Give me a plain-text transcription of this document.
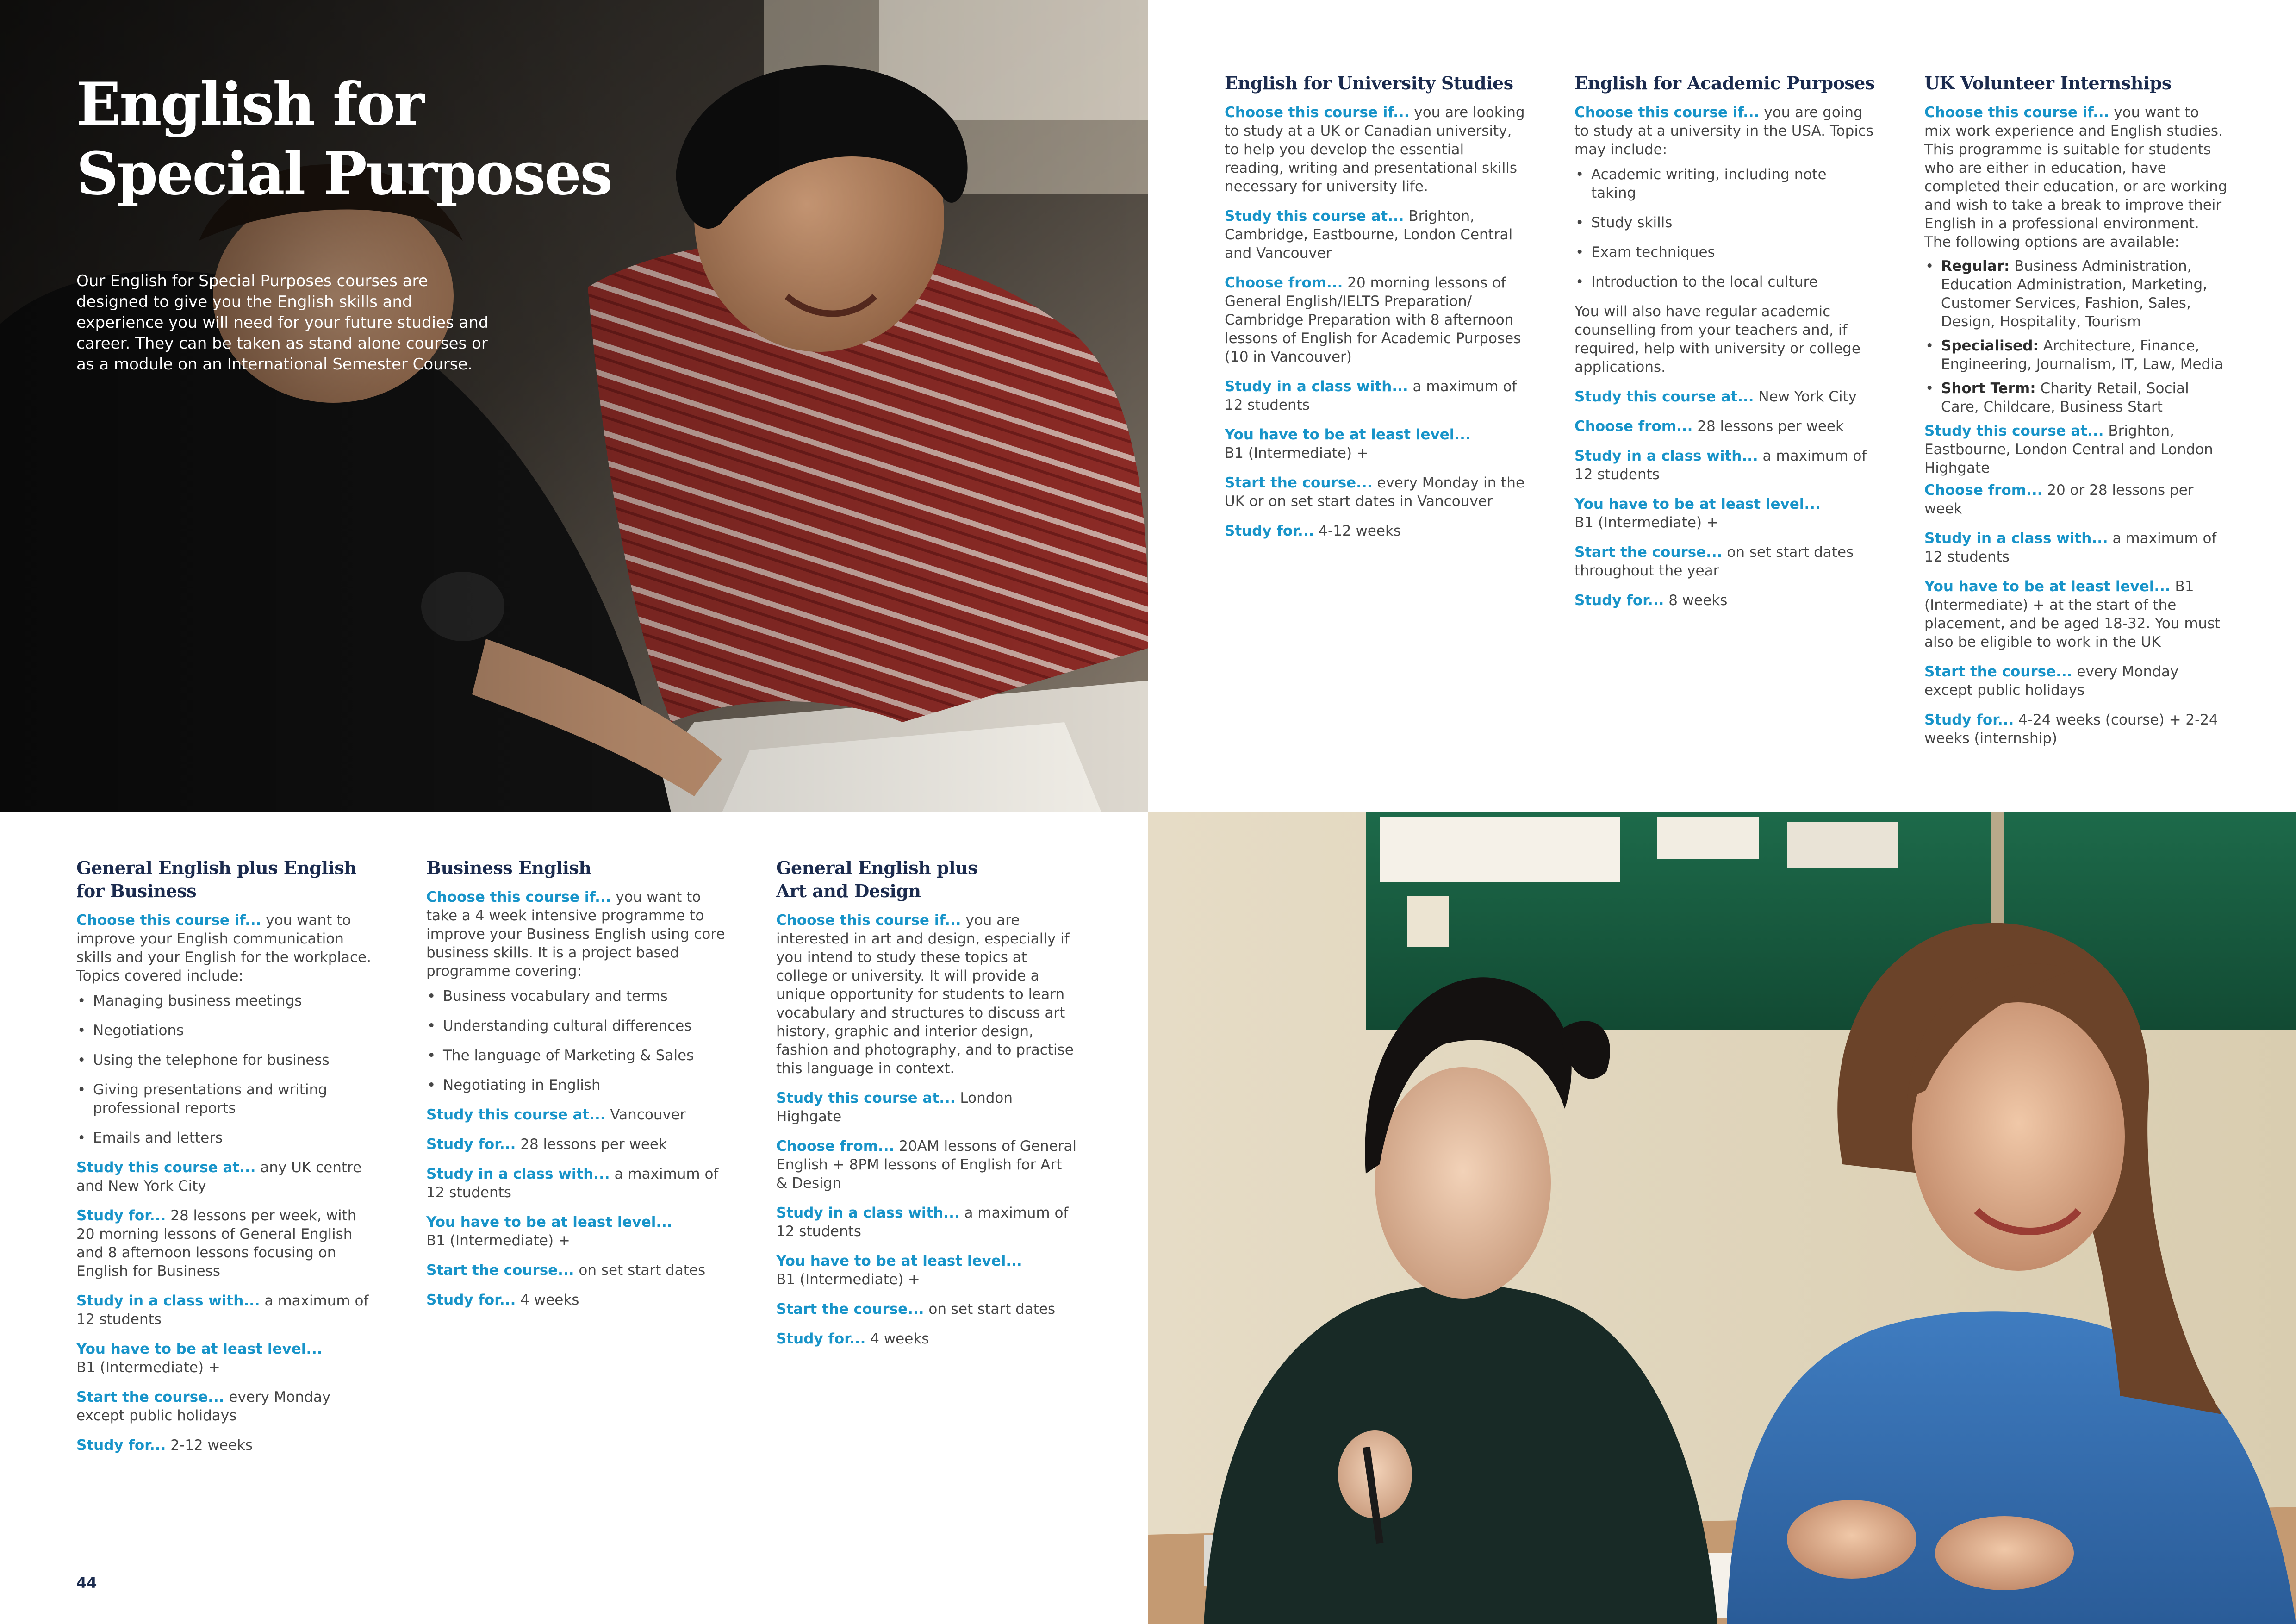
English for
Special Purposes

Our English for Special Purposes courses are designed to give you the English skills and experience you will need for your future studies and career. They can be taken as stand alone courses or as a module on an International Semester Course.

English for University Studies

Choose this course if... you are looking to study at a UK or Canadian university, to help you develop the essential reading, writing and presentational skills necessary for university life.

Study this course at... Brighton, Cambridge, Eastbourne, London Central and Vancouver

Choose from... 20 morning lessons of General English/IELTS Preparation/ Cambridge Preparation with 8 afternoon lessons of English for Academic Purposes (10 in Vancouver)

Study in a class with... a maximum of 12 students

You have to be at least level...
B1 (Intermediate) +

Start the course... every Monday in the UK or on set start dates in Vancouver

Study for... 4-12 weeks

English for Academic Purposes

Choose this course if... you are going to study at a university in the USA. Topics may include:

• Academic writing, including note taking
• Study skills
• Exam techniques
• Introduction to the local culture

You will also have regular academic counselling from your teachers and, if required, help with university or college applications.

Study this course at... New York City

Choose from... 28 lessons per week

Study in a class with... a maximum of 12 students

You have to be at least level...
B1 (Intermediate) +

Start the course... on set start dates throughout the year

Study for... 8 weeks

UK Volunteer Internships

Choose this course if... you want to mix work experience and English studies. This programme is suitable for students who are either in education, have completed their education, or are working and wish to take a break to improve their English in a professional environment. The following options are available:

• Regular: Business Administration, Education Administration, Marketing, Customer Services, Fashion, Sales, Design, Hospitality, Tourism
• Specialised: Architecture, Finance, Engineering, Journalism, IT, Law, Media
• Short Term: Charity Retail, Social Care, Childcare, Business Start

Study this course at... Brighton, Eastbourne, London Central and London Highgate

Choose from... 20 or 28 lessons per week

Study in a class with... a maximum of 12 students

You have to be at least level... B1 (Intermediate) + at the start of the placement, and be aged 18-32. You must also be eligible to work in the UK

Start the course... every Monday except public holidays

Study for... 4-24 weeks (course) + 2-24 weeks (internship)

General English plus English
for Business

Choose this course if... you want to improve your English communication skills and your English for the workplace. Topics covered include:

• Managing business meetings
• Negotiations
• Using the telephone for business
• Giving presentations and writing professional reports
• Emails and letters

Study this course at... any UK centre and New York City

Study for... 28 lessons per week, with 20 morning lessons of General English and 8 afternoon lessons focusing on English for Business

Study in a class with... a maximum of 12 students

You have to be at least level...
B1 (Intermediate) +

Start the course... every Monday except public holidays

Study for... 2-12 weeks

Business English

Choose this course if... you want to take a 4 week intensive programme to improve your Business English using core business skills. It is a project based programme covering:

• Business vocabulary and terms
• Understanding cultural differences
• The language of Marketing & Sales
• Negotiating in English

Study this course at... Vancouver

Study for... 28 lessons per week

Study in a class with... a maximum of 12 students

You have to be at least level...
B1 (Intermediate) +

Start the course... on set start dates

Study for... 4 weeks

General English plus
Art and Design

Choose this course if... you are interested in art and design, especially if you intend to study these topics at college or university. It will provide a unique opportunity for students to learn vocabulary and structures to discuss art history, graphic and interior design, fashion and photography, and to practise this language in context.

Study this course at... London Highgate

Choose from... 20AM lessons of General English + 8PM lessons of English for Art & Design

Study in a class with... a maximum of 12 students

You have to be at least level...
B1 (Intermediate) +

Start the course... on set start dates

Study for... 4 weeks

44
